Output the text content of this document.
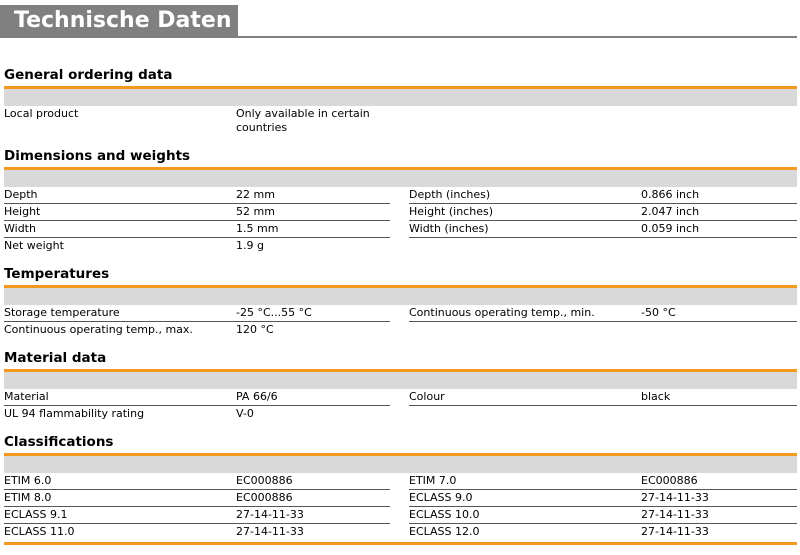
Technische Daten
General ordering data
Local product	Only available in certain countries
Dimensions and weights
Depth	22 mm	Depth (inches)	0.866 inch
Height	52 mm	Height (inches)	2.047 inch
Width	1.5 mm	Width (inches)	0.059 inch
Net weight	1.9 g
Temperatures
Storage temperature	-25 °C...55 °C	Continuous operating temp., min.	-50 °C
Continuous operating temp., max.	120 °C
Material data
Material	PA 66/6	Colour	black
UL 94 flammability rating	V-0
Classifications
ETIM 6.0	EC000886	ETIM 7.0	EC000886
ETIM 8.0	EC000886	ECLASS 9.0	27-14-11-33
ECLASS 9.1	27-14-11-33	ECLASS 10.0	27-14-11-33
ECLASS 11.0	27-14-11-33	ECLASS 12.0	27-14-11-33
